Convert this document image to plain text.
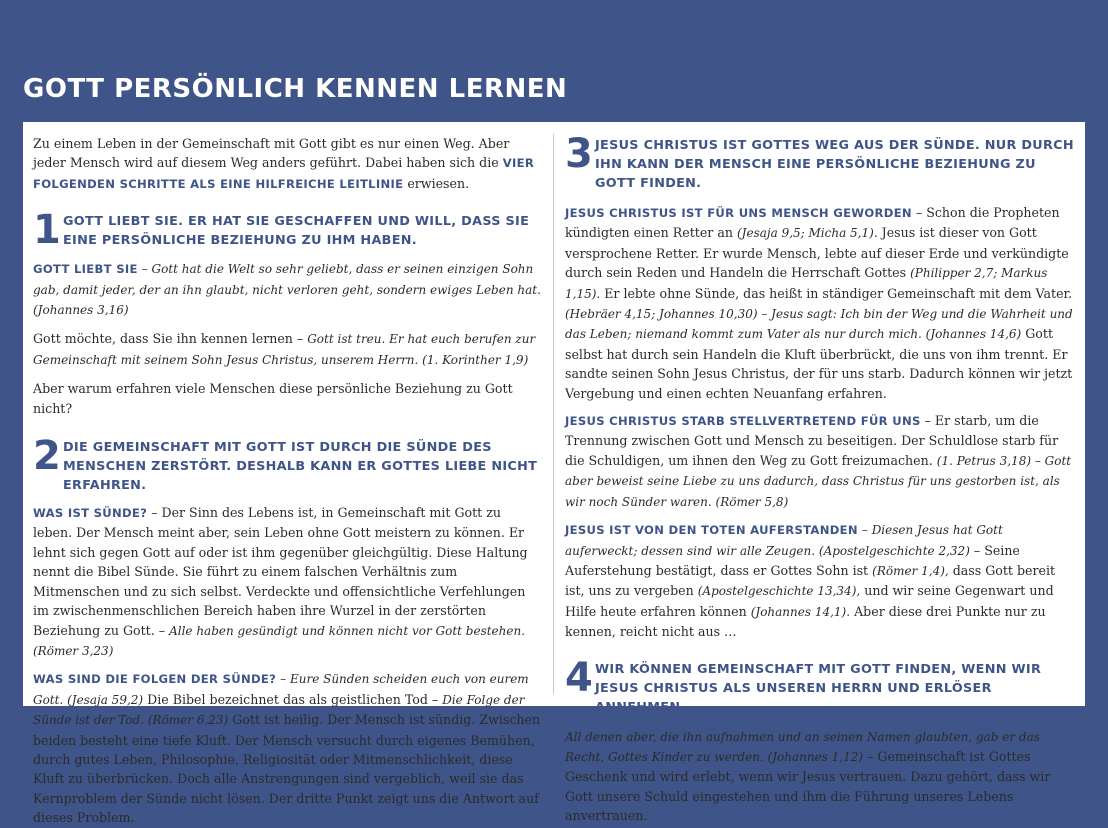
GOTT PERSÖNLICH KENNEN LERNEN

Zu einem Leben in der Gemeinschaft mit Gott gibt es nur einen Weg. Aber jeder Mensch wird auf diesem Weg anders geführt. Dabei haben sich die VIER FOLGENDEN SCHRITTE ALS EINE HILFREICHE LEITLINIE erwiesen.

1 GOTT LIEBT SIE. ER HAT SIE GESCHAFFEN UND WILL, DASS SIE EINE PERSÖNLICHE BEZIEHUNG ZU IHM HABEN.

GOTT LIEBT SIE – Gott hat die Welt so sehr geliebt, dass er seinen einzigen Sohn gab, damit jeder, der an ihn glaubt, nicht verloren geht, sondern ewiges Leben hat. (Johannes 3,16)

Gott möchte, dass Sie ihn kennen lernen – Gott ist treu. Er hat euch berufen zur Gemeinschaft mit seinem Sohn Jesus Christus, unserem Herrn. (1. Korinther 1,9)

Aber warum erfahren viele Menschen diese persönliche Beziehung zu Gott nicht?

2 DIE GEMEINSCHAFT MIT GOTT IST DURCH DIE SÜNDE DES MENSCHEN ZERSTÖRT. DESHALB KANN ER GOTTES LIEBE NICHT ERFAHREN.

WAS IST SÜNDE? – Der Sinn des Lebens ist, in Gemeinschaft mit Gott zu leben. Der Mensch meint aber, sein Leben ohne Gott meistern zu können. Er lehnt sich gegen Gott auf oder ist ihm gegenüber gleichgültig. Diese Haltung nennt die Bibel Sünde. Sie führt zu einem falschen Verhältnis zum Mitmenschen und zu sich selbst. Verdeckte und offensichtliche Verfehlungen im zwischenmenschlichen Bereich haben ihre Wurzel in der zerstörten Beziehung zu Gott. – Alle haben gesündigt und können nicht vor Gott bestehen. (Römer 3,23)

WAS SIND DIE FOLGEN DER SÜNDE? – Eure Sünden scheiden euch von eurem Gott. (Jesaja 59,2) Die Bibel bezeichnet das als geistlichen Tod – Die Folge der Sünde ist der Tod. (Römer 6,23) Gott ist heilig. Der Mensch ist sündig. Zwischen beiden besteht eine tiefe Kluft. Der Mensch versucht durch eigenes Bemühen, durch gutes Leben, Philosophie, Religiosität oder Mitmenschlichkeit, diese Kluft zu überbrücken. Doch alle Anstrengungen sind vergeblich, weil sie das Kernproblem der Sünde nicht lösen. Der dritte Punkt zeigt uns die Antwort auf dieses Problem.

3 JESUS CHRISTUS IST GOTTES WEG AUS DER SÜNDE. NUR DURCH IHN KANN DER MENSCH EINE PERSÖNLICHE BEZIEHUNG ZU GOTT FINDEN.

JESUS CHRISTUS IST FÜR UNS MENSCH GEWORDEN – Schon die Propheten kündigten einen Retter an (Jesaja 9,5; Micha 5,1). Jesus ist dieser von Gott versprochene Retter. Er wurde Mensch, lebte auf dieser Erde und verkündigte durch sein Reden und Handeln die Herrschaft Gottes (Philipper 2,7; Markus 1,15). Er lebte ohne Sünde, das heißt in ständiger Gemeinschaft mit dem Vater. (Hebräer 4,15; Johannes 10,30) – Jesus sagt: Ich bin der Weg und die Wahrheit und das Leben; niemand kommt zum Vater als nur durch mich. (Johannes 14,6) Gott selbst hat durch sein Handeln die Kluft überbrückt, die uns von ihm trennt. Er sandte seinen Sohn Jesus Christus, der für uns starb. Dadurch können wir jetzt Vergebung und einen echten Neuanfang erfahren.

JESUS CHRISTUS STARB STELLVERTRETEND FÜR UNS – Er starb, um die Trennung zwischen Gott und Mensch zu beseitigen. Der Schuldlose starb für die Schuldigen, um ihnen den Weg zu Gott freizumachen. (1. Petrus 3,18) – Gott aber beweist seine Liebe zu uns dadurch, dass Christus für uns gestorben ist, als wir noch Sünder waren. (Römer 5,8)

JESUS IST VON DEN TOTEN AUFERSTANDEN – Diesen Jesus hat Gott auferweckt; dessen sind wir alle Zeugen. (Apostelgeschichte 2,32) – Seine Auferstehung bestätigt, dass er Gottes Sohn ist (Römer 1,4), dass Gott bereit ist, uns zu vergeben (Apostelgeschichte 13,34), und wir seine Gegenwart und Hilfe heute erfahren können (Johannes 14,1). Aber diese drei Punkte nur zu kennen, reicht nicht aus …

4 WIR KÖNNEN GEMEINSCHAFT MIT GOTT FINDEN, WENN WIR JESUS CHRISTUS ALS UNSEREN HERRN UND ERLÖSER ANNEHMEN.

All denen aber, die ihn aufnahmen und an seinen Namen glaubten, gab er das Recht, Gottes Kinder zu werden. (Johannes 1,12) – Gemeinschaft ist Gottes Geschenk und wird erlebt, wenn wir Jesus vertrauen. Dazu gehört, dass wir Gott unsere Schuld eingestehen und ihm die Führung unseres Lebens anvertrauen.
